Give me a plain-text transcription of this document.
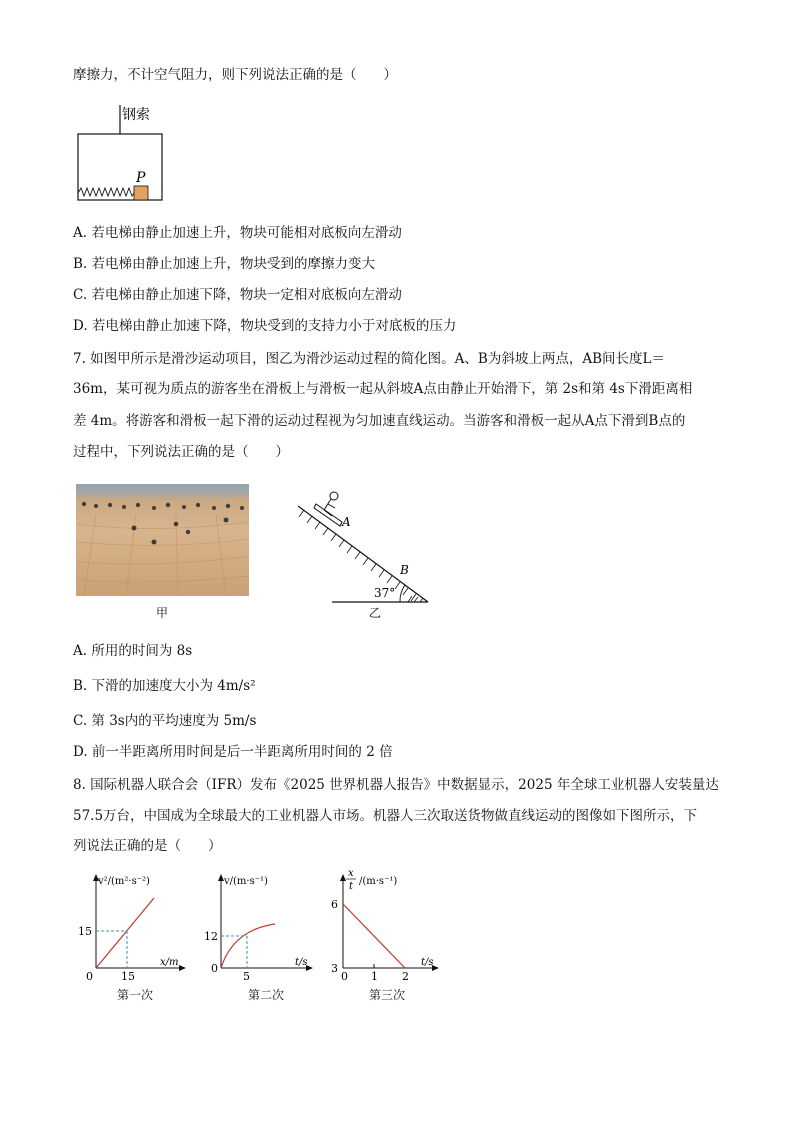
摩擦力，不计空气阻力，则下列说法正确的是（　　）
钢索
P
A. 若电梯由静止加速上升，物块可能相对底板向左滑动
B. 若电梯由静止加速上升，物块受到的摩擦力变大
C. 若电梯由静止加速下降，物块一定相对底板向左滑动
D. 若电梯由静止加速下降，物块受到的支持力小于对底板的压力
7. 如图甲所示是滑沙运动项目，图乙为滑沙运动过程的简化图。A、B为斜坡上两点，AB间长度L＝
36m，某可视为质点的游客坐在滑板上与滑板一起从斜坡A点由静止开始滑下，第 2s和第 4s下滑距离相
差 4m。将游客和滑板一起下滑的运动过程视为匀加速直线运动。当游客和滑板一起从A点下滑到B点的
过程中，下列说法正确的是（　　）
甲
A
B
37°
乙
A. 所用的时间为 8s
B. 下滑的加速度大小为 4m/s²
C. 第 3s内的平均速度为 5m/s
D. 前一半距离所用时间是后一半距离所用时间的 2 倍
8. 国际机器人联合会（IFR）发布《2025 世界机器人报告》中数据显示，2025 年全球工业机器人安装量达
57.5万台，中国成为全球最大的工业机器人市场。机器人三次取送货物做直线运动的图像如下图所示，下
列说法正确的是（　　）
v²/(m²·s⁻²)
x/m
15
15
0
第一次
v/(m·s⁻¹)
t/s
12
5
0
第二次
x
t /(m·s⁻¹)
t/s
6
3
0 1 2
第三次
